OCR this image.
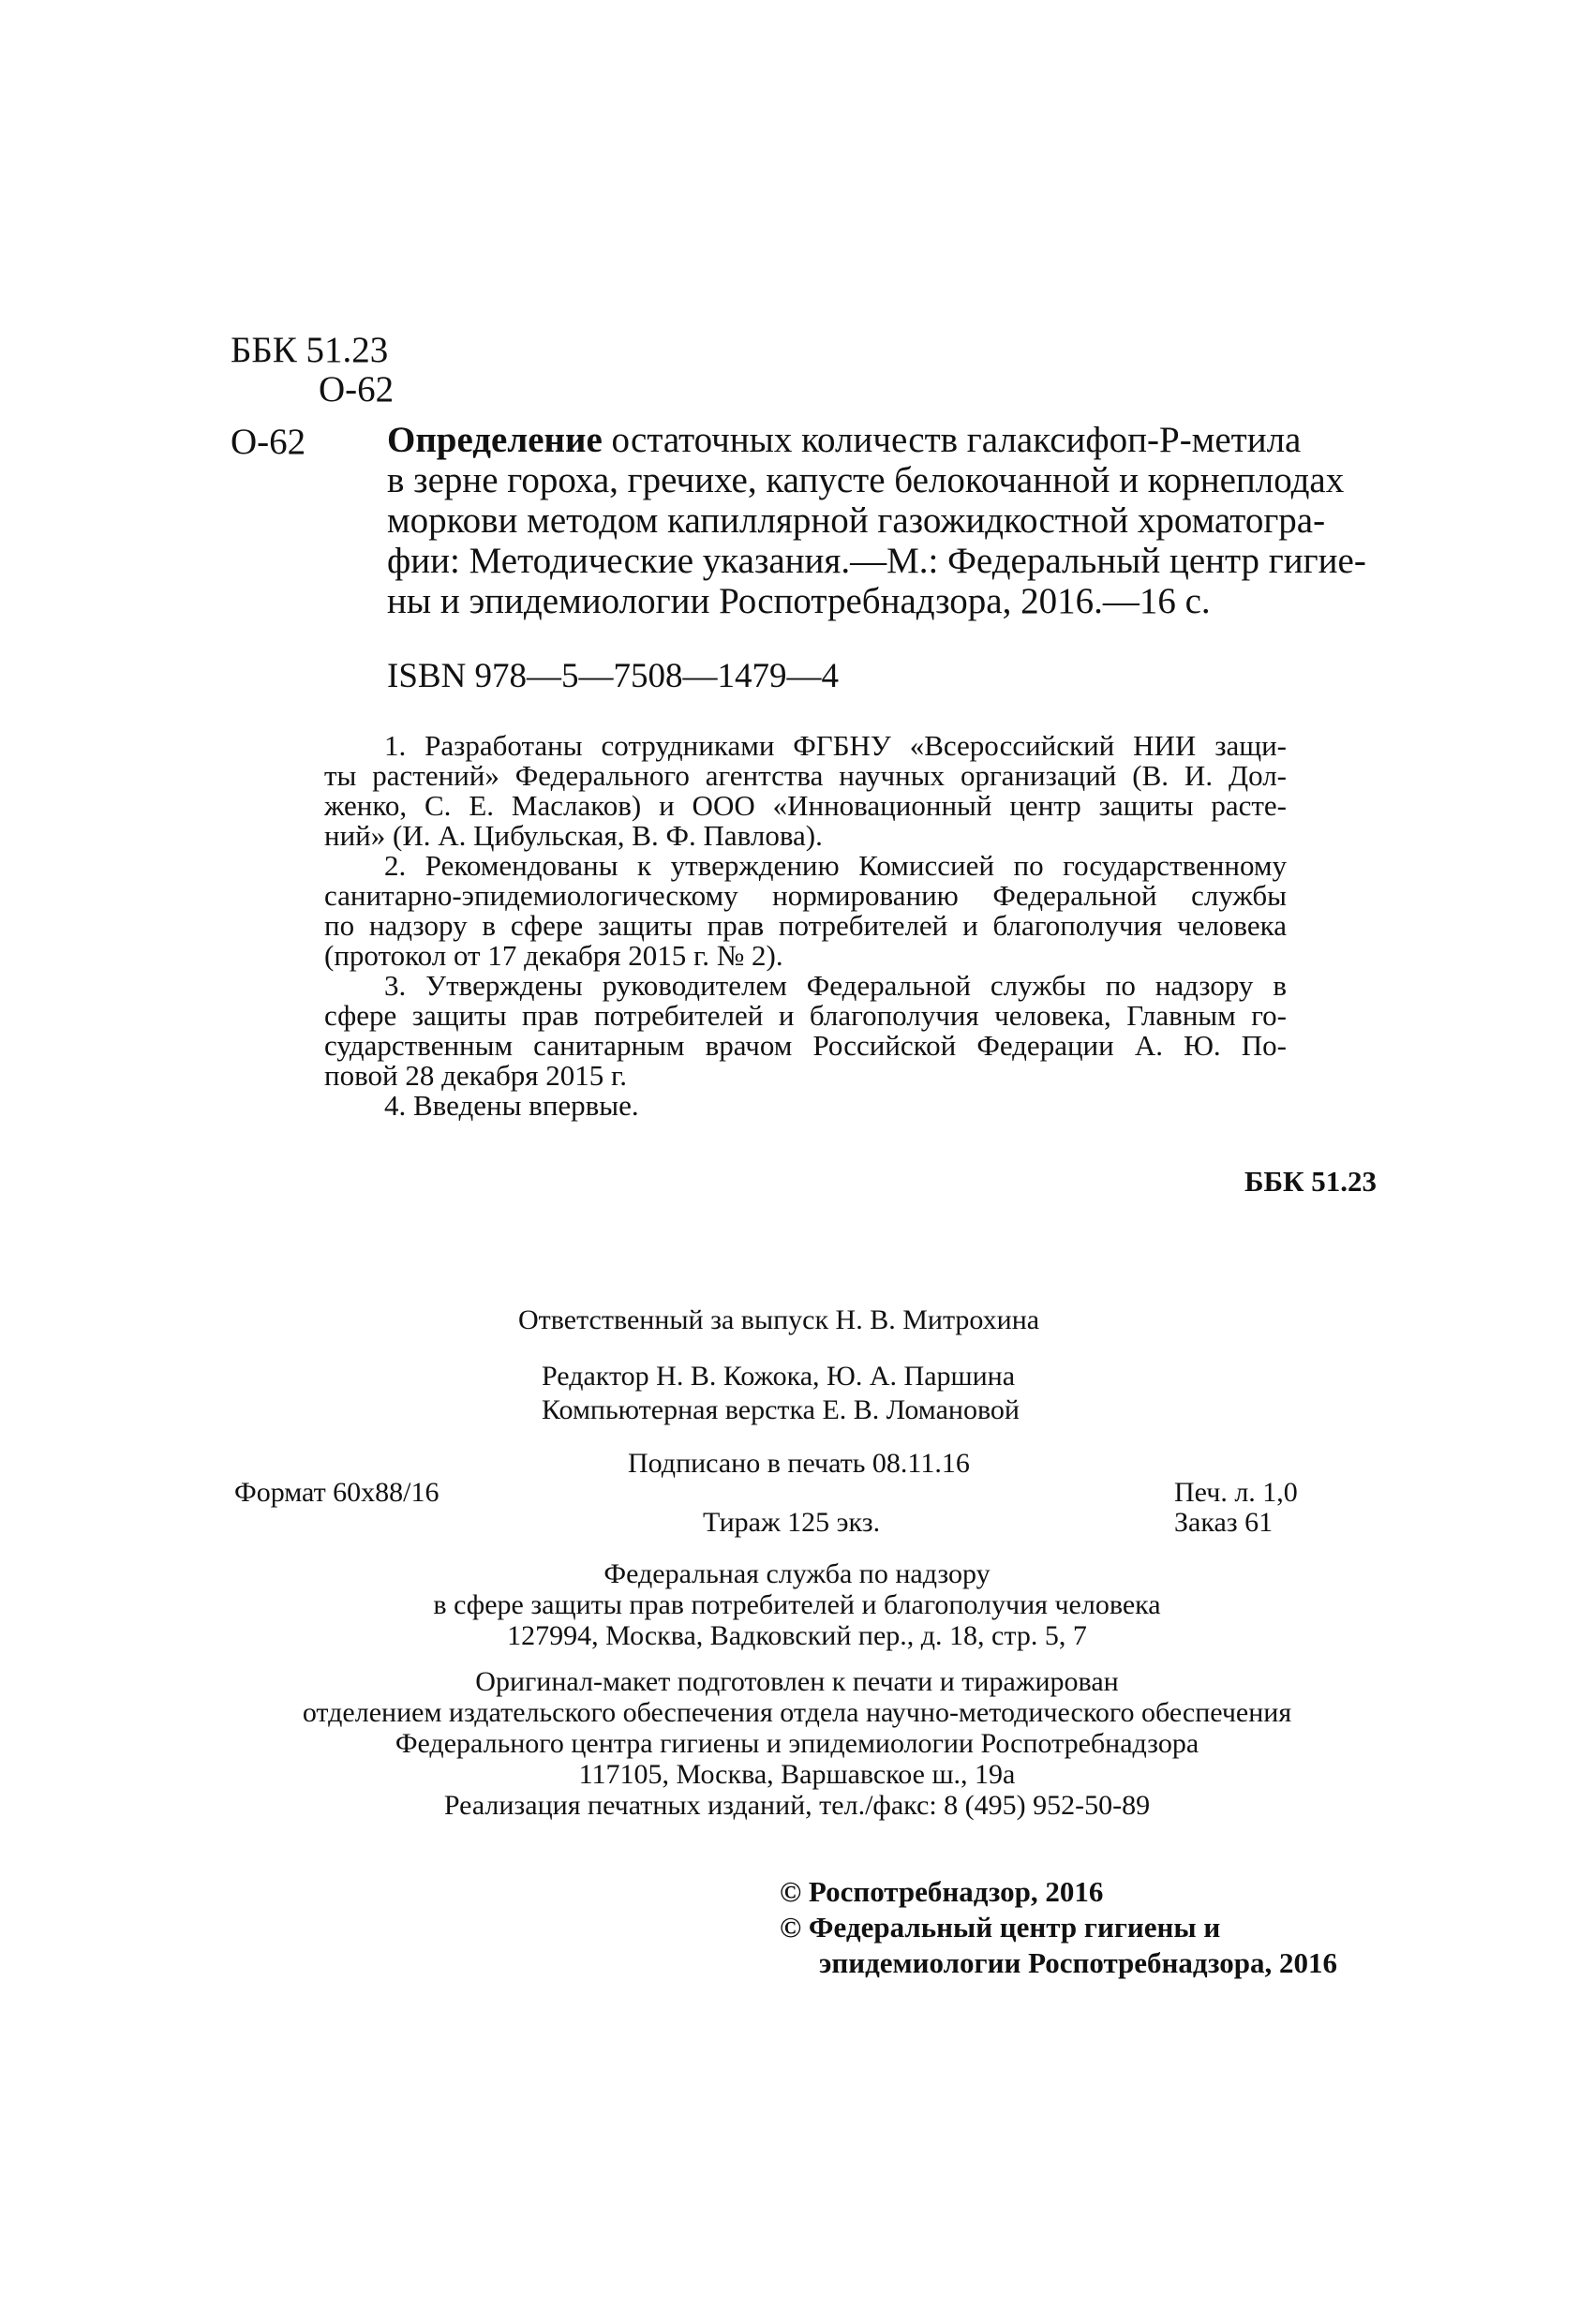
ББК 51.23
О-62
О-62 Определение остаточных количеств галаксифоп-Р-метила
в зерне гороха, гречихе, капусте белокочанной и корнеплодах
моркови методом капиллярной газожидкостной хроматогра-
фии: Методические указания.—М.: Федеральный центр гигие-
ны и эпидемиологии Роспотребнадзора, 2016.—16 с.
ISBN 978—5—7508—1479—4
1. Разработаны сотрудниками ФГБНУ «Всероссийский НИИ защи-
ты растений» Федерального агентства научных организаций (В. И. Дол-
женко, С. Е. Маслаков) и ООО «Инновационный центр защиты расте-
ний» (И. А. Цибульская, В. Ф. Павлова).
2. Рекомендованы к утверждению Комиссией по государственному
санитарно-эпидемиологическому нормированию Федеральной службы
по надзору в сфере защиты прав потребителей и благополучия человека
(протокол от 17 декабря 2015 г. № 2).
3. Утверждены руководителем Федеральной службы по надзору в
сфере защиты прав потребителей и благополучия человека, Главным го-
сударственным санитарным врачом Российской Федерации А. Ю. По-
повой 28 декабря 2015 г.
4. Введены впервые.
ББК 51.23
Ответственный за выпуск Н. В. Митрохина
Редактор Н. В. Кожока, Ю. А. Паршина
Компьютерная верстка Е. В. Ломановой
Подписано в печать 08.11.16
Формат 60х88/16	Печ. л. 1,0
Тираж 125 экз.	Заказ 61
Федеральная служба по надзору
в сфере защиты прав потребителей и благополучия человека
127994, Москва, Вадковский пер., д. 18, стр. 5, 7
Оригинал-макет подготовлен к печати и тиражирован
отделением издательского обеспечения отдела научно-методического обеспечения
Федерального центра гигиены и эпидемиологии Роспотребнадзора
117105, Москва, Варшавское ш., 19а
Реализация печатных изданий, тел./факс: 8 (495) 952-50-89
© Роспотребнадзор, 2016
© Федеральный центр гигиены и
эпидемиологии Роспотребнадзора, 2016
